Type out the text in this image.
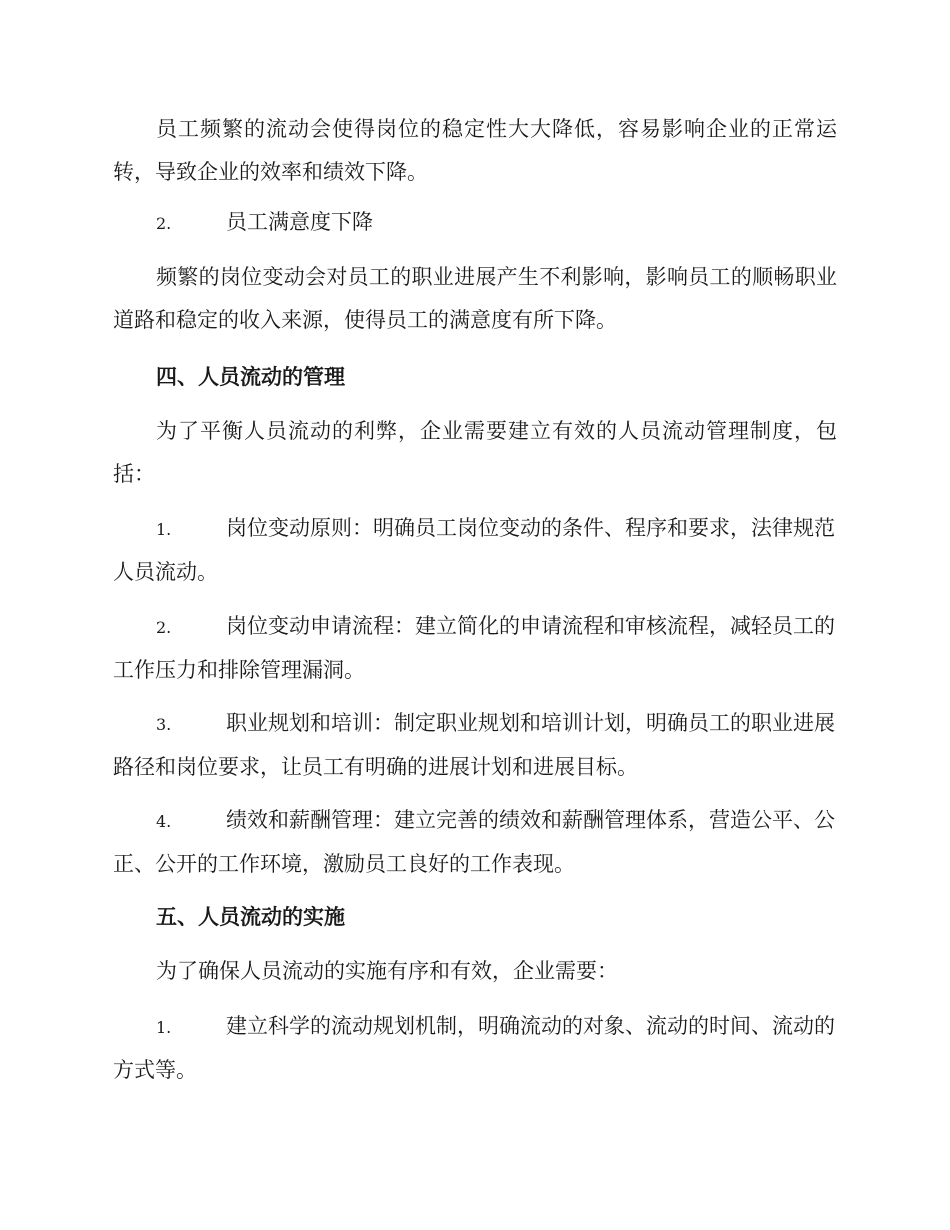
员工频繁的流动会使得岗位的稳定性大大降低，容易影响企业的正常运转，导致企业的效率和绩效下降。

2.	员工满意度下降

频繁的岗位变动会对员工的职业进展产生不利影响，影响员工的顺畅职业道路和稳定的收入来源，使得员工的满意度有所下降。

四、人员流动的管理

为了平衡人员流动的利弊，企业需要建立有效的人员流动管理制度，包括：

1.	岗位变动原则：明确员工岗位变动的条件、程序和要求，法律规范人员流动。

2.	岗位变动申请流程：建立简化的申请流程和审核流程，减轻员工的工作压力和排除管理漏洞。

3.	职业规划和培训：制定职业规划和培训计划，明确员工的职业进展路径和岗位要求，让员工有明确的进展计划和进展目标。

4.	绩效和薪酬管理：建立完善的绩效和薪酬管理体系，营造公平、公正、公开的工作环境，激励员工良好的工作表现。

五、人员流动的实施

为了确保人员流动的实施有序和有效，企业需要：

1.	建立科学的流动规划机制，明确流动的对象、流动的时间、流动的方式等。
